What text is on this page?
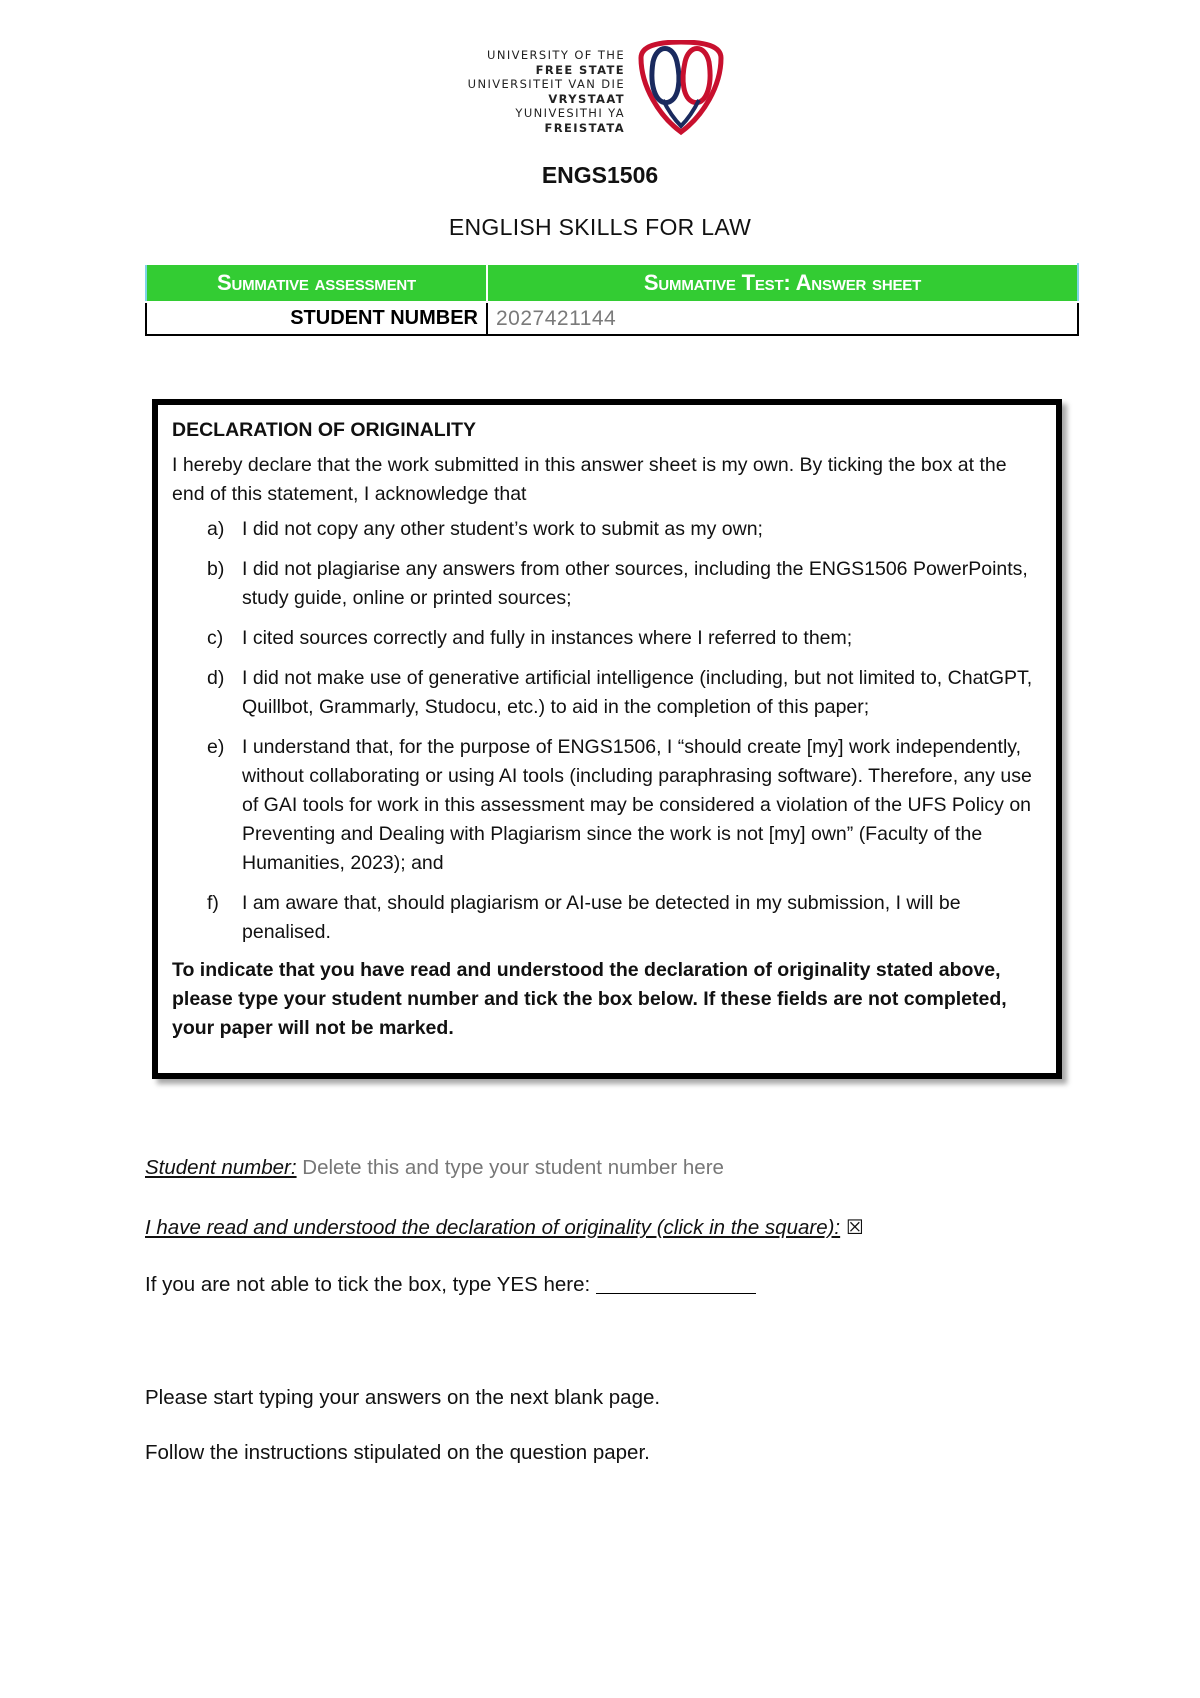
UNIVERSITY OF THE
FREE STATE
UNIVERSITEIT VAN DIE
VRYSTAAT
YUNIVESITHI YA
FREISTATA
ENGS1506
ENGLISH SKILLS FOR LAW
Summative assessment	Summative Test: Answer sheet
STUDENT NUMBER	2027421144
DECLARATION OF ORIGINALITY

I hereby declare that the work submitted in this answer sheet is my own. By ticking the box at the end of this statement, I acknowledge that

a) I did not copy any other student’s work to submit as my own;
b) I did not plagiarise any answers from other sources, including the ENGS1506 PowerPoints, study guide, online or printed sources;
c) I cited sources correctly and fully in instances where I referred to them;
d) I did not make use of generative artificial intelligence (including, but not limited to, ChatGPT, Quillbot, Grammarly, Studocu, etc.) to aid in the completion of this paper;
e) I understand that, for the purpose of ENGS1506, I “should create [my] work independently, without collaborating or using AI tools (including paraphrasing software). Therefore, any use of GAI tools for work in this assessment may be considered a violation of the UFS Policy on Preventing and Dealing with Plagiarism since the work is not [my] own” (Faculty of the Humanities, 2023); and
f) I am aware that, should plagiarism or AI-use be detected in my submission, I will be penalised.

To indicate that you have read and understood the declaration of originality stated above, please type your student number and tick the box below. If these fields are not completed, your paper will not be marked.

Student number: Delete this and type your student number here
I have read and understood the declaration of originality (click in the square): ☒
If you are not able to tick the box, type YES here:
Please start typing your answers on the next blank page.
Follow the instructions stipulated on the question paper.
